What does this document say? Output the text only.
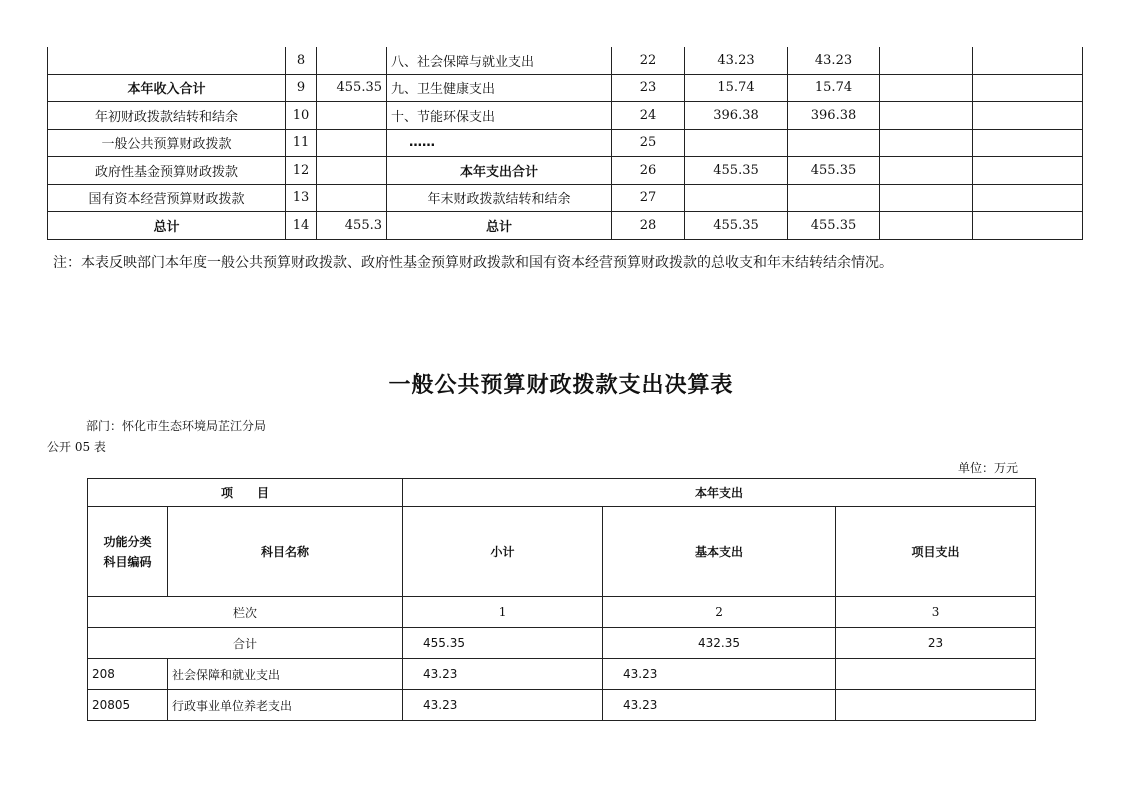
	8		八、社会保障与就业支出	22	43.23	43.23		
本年收入合计	9	455.35	九、卫生健康支出	23	15.74	15.74		
年初财政拨款结转和结余	10		十、节能环保支出	24	396.38	396.38		
一般公共预算财政拨款	11		……	25				
政府性基金预算财政拨款	12		本年支出合计	26	455.35	455.35		
国有资本经营预算财政拨款	13		年末财政拨款结转和结余	27				
总计	14	455.3	总计	28	455.35	455.35		
注：本表反映部门本年度一般公共预算财政拨款、政府性基金预算财政拨款和国有资本经营预算财政拨款的总收支和年末结转结余情况。
一般公共预算财政拨款支出决算表
部门：怀化市生态环境局芷江分局
公开 05 表
单位：万元
项　　目		本年支出		
功能分类
科目编码	科目名称	小计	基本支出	项目支出
栏次		1	2	3
合计		455.35	432.35	23
208	社会保障和就业支出	43.23	43.23	
20805	行政事业单位养老支出	43.23	43.23	
